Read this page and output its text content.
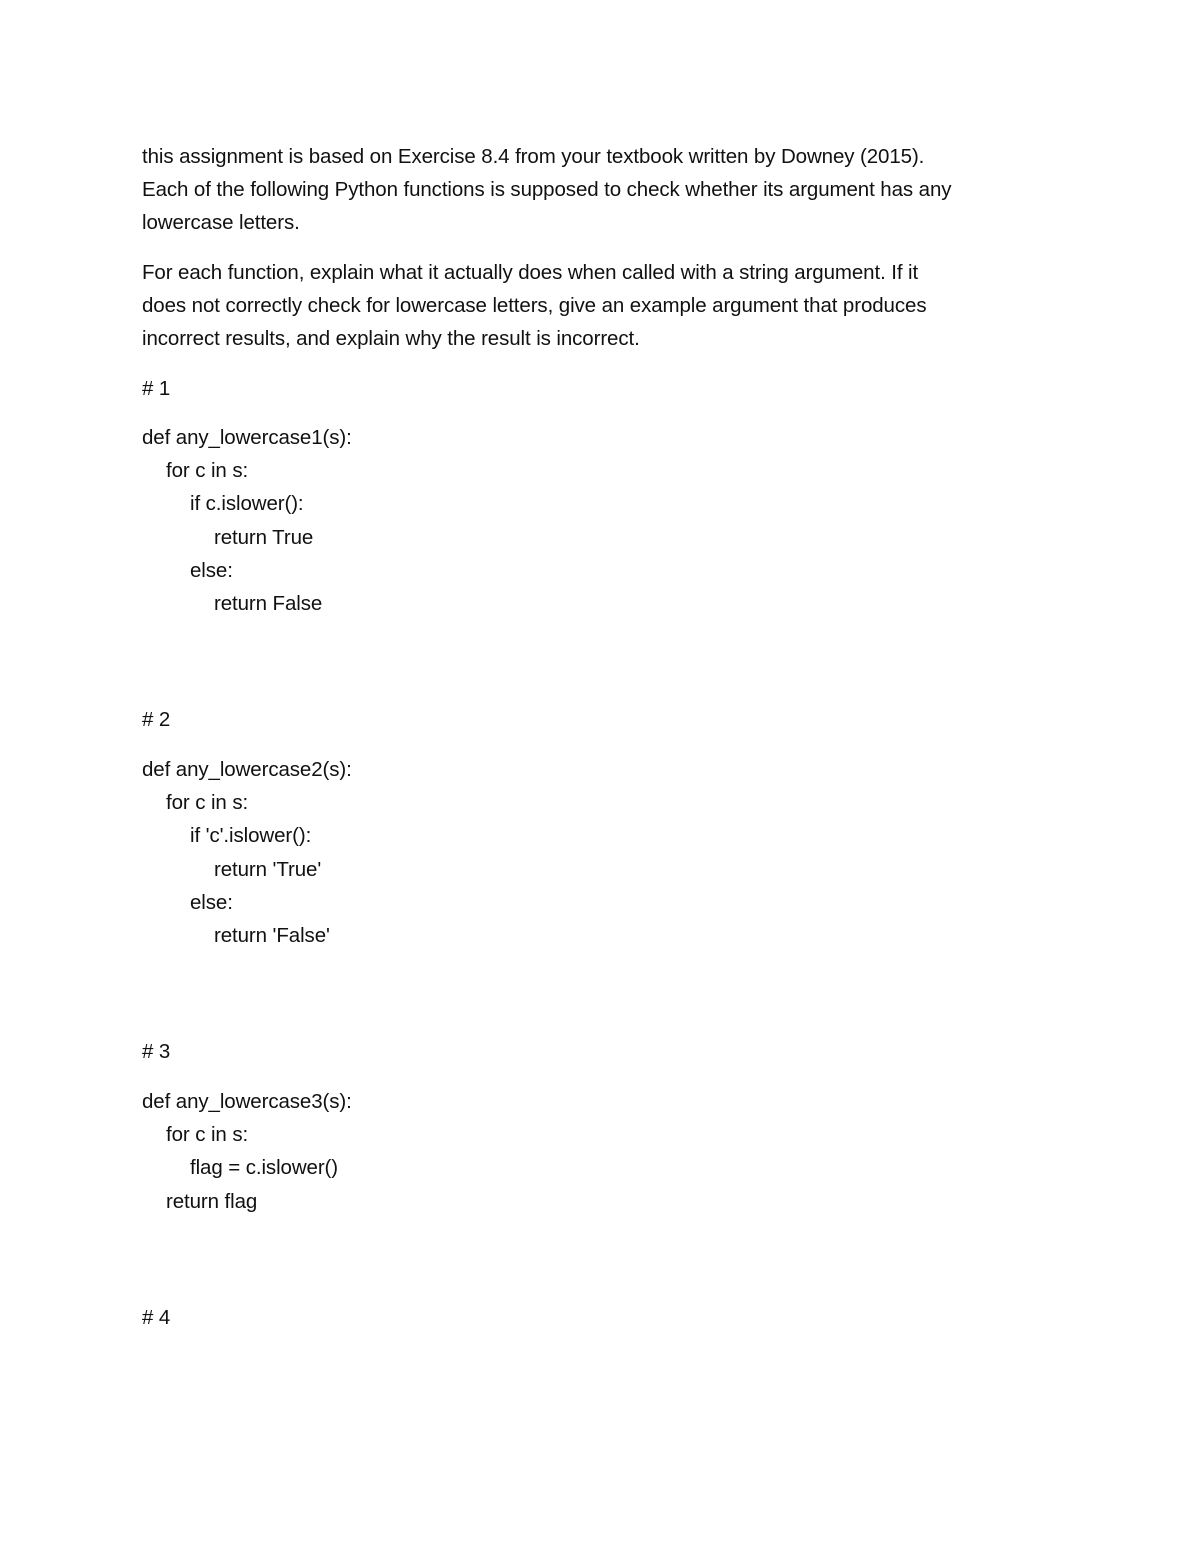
this assignment is based on Exercise 8.4 from your textbook written by Downey (2015).
Each of the following Python functions is supposed to check whether its argument has any
lowercase letters.
For each function, explain what it actually does when called with a string argument. If it
does not correctly check for lowercase letters, give an example argument that produces
incorrect results, and explain why the result is incorrect.
# 1
def any_lowercase1(s):
for c in s:
if c.islower():
return True
else:
return False
# 2
def any_lowercase2(s):
for c in s:
if 'c'.islower():
return 'True'
else:
return 'False'
# 3
def any_lowercase3(s):
for c in s:
flag = c.islower()
return flag
# 4
